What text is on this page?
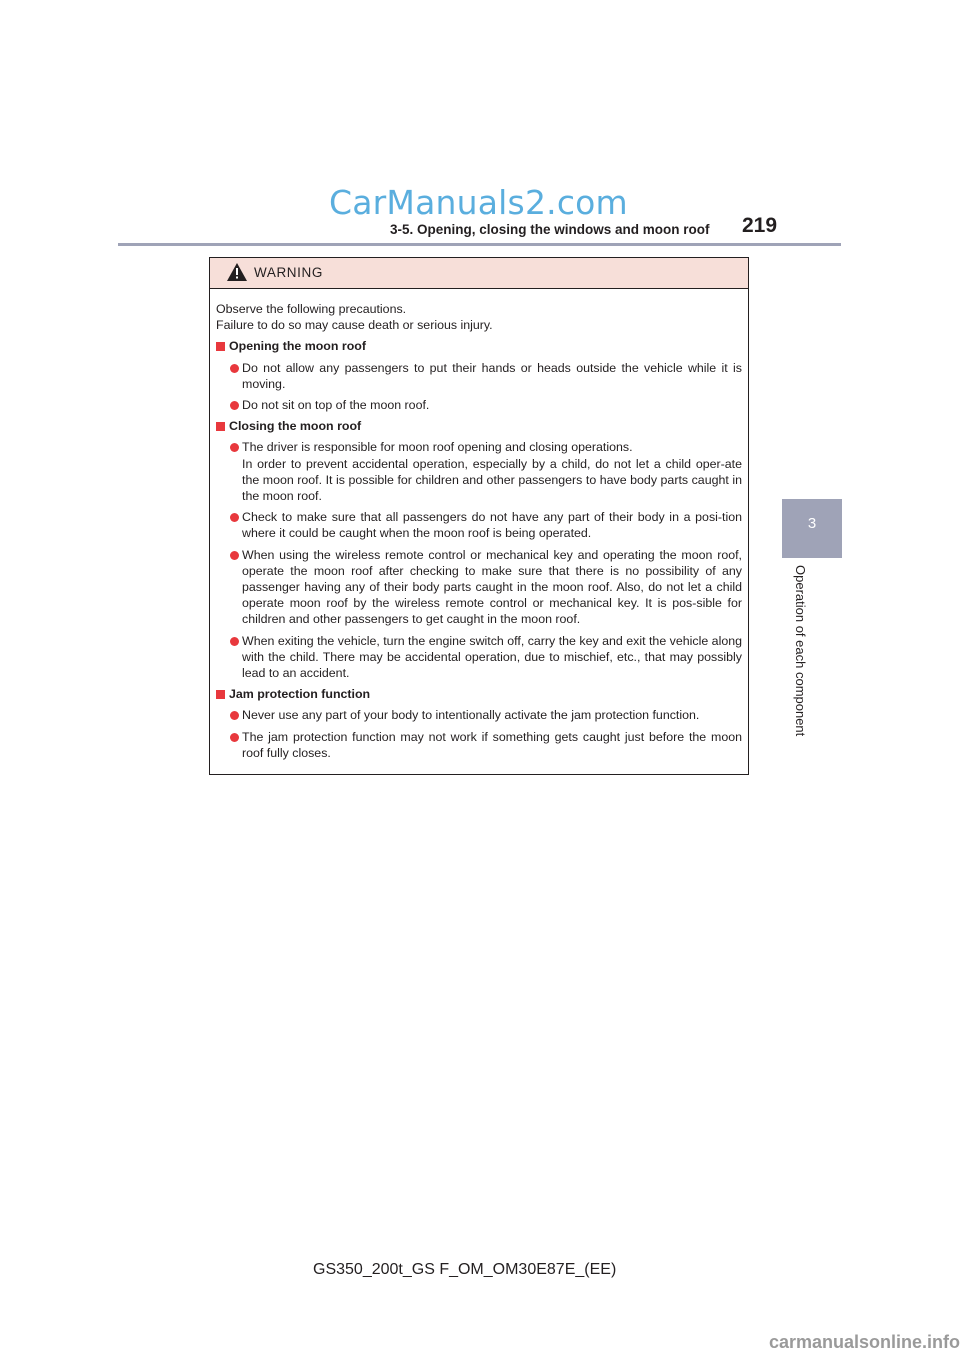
CarManuals2.com
3-5. Opening, closing the windows and moon roof 219
3
Operation of each component
WARNING

Observe the following precautions.
Failure to do so may cause death or serious injury.

Opening the moon roof

Do not allow any passengers to put their hands or heads outside the vehicle while it is moving.

Do not sit on top of the moon roof.

Closing the moon roof

The driver is responsible for moon roof opening and closing operations.
In order to prevent accidental operation, especially by a child, do not let a child oper-ate the moon roof. It is possible for children and other passengers to have body parts caught in the moon roof.

Check to make sure that all passengers do not have any part of their body in a posi-tion where it could be caught when the moon roof is being operated.

When using the wireless remote control or mechanical key and operating the moon roof, operate the moon roof after checking to make sure that there is no possibility of any passenger having any of their body parts caught in the moon roof. Also, do not let a child operate moon roof by the wireless remote control or mechanical key. It is pos-sible for children and other passengers to get caught in the moon roof.

When exiting the vehicle, turn the engine switch off, carry the key and exit the vehicle along with the child. There may be accidental operation, due to mischief, etc., that may possibly lead to an accident.

Jam protection function

Never use any part of your body to intentionally activate the jam protection function.

The jam protection function may not work if something gets caught just before the moon roof fully closes.

GS350_200t_GS F_OM_OM30E87E_(EE)
carmanualsonline.info
